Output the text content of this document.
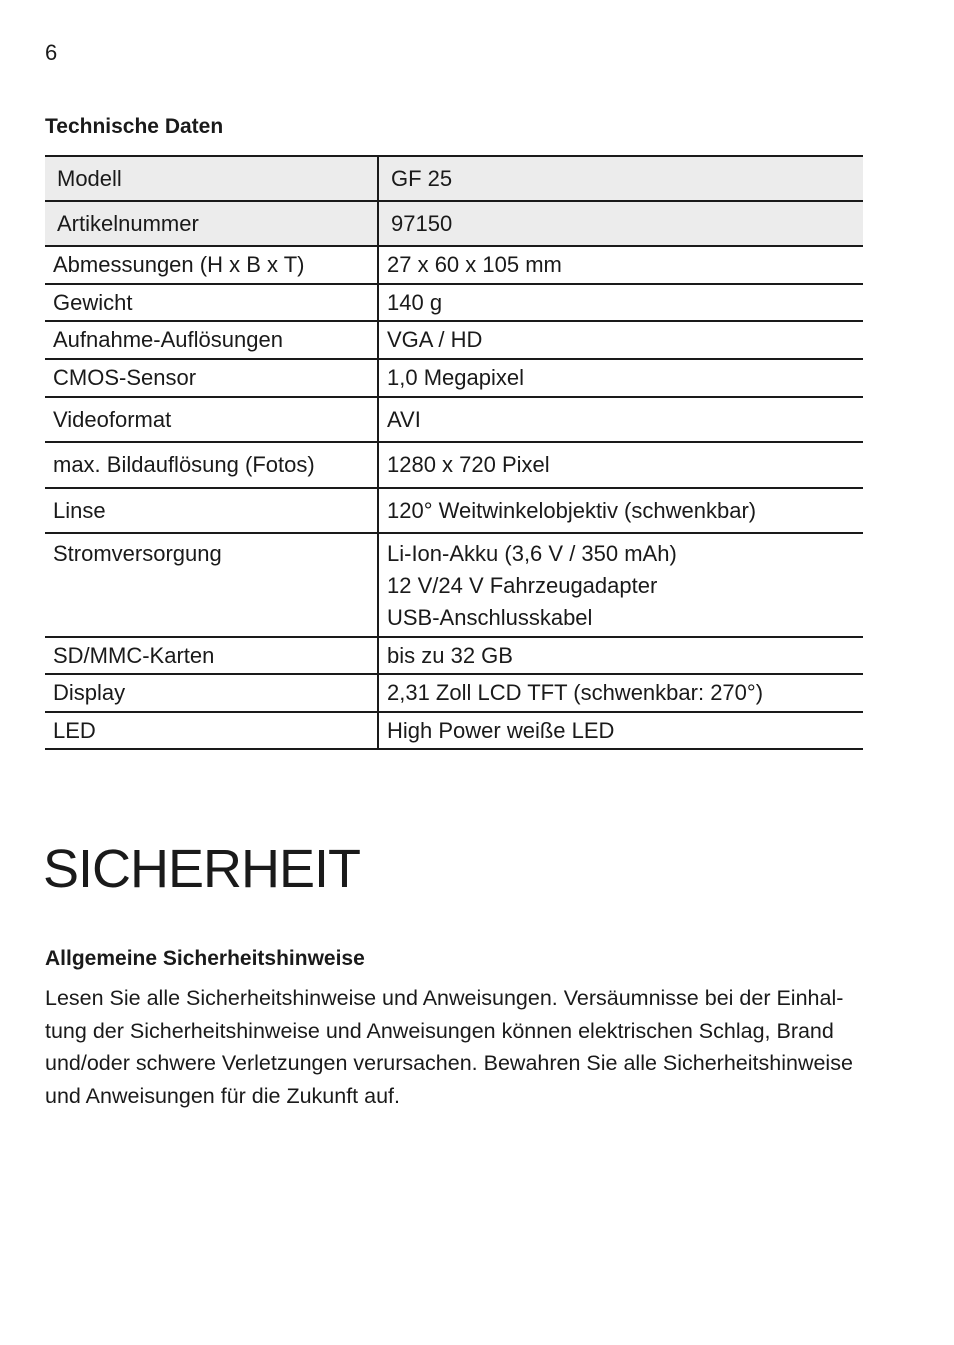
6
Technische Daten
Modell	GF 25
Artikelnummer	97150
Abmessungen (H x B x T)	27 x 60 x 105 mm
Gewicht	140 g
Aufnahme-Auflösungen	VGA / HD
CMOS-Sensor	1,0 Megapixel
Videoformat	AVI
max. Bildauflösung (Fotos)	1280 x 720 Pixel
Linse	120° Weitwinkelobjektiv (schwenkbar)
Stromversorgung	Li-Ion-Akku (3,6 V / 350 mAh)
12 V/24 V Fahrzeugadapter
USB-Anschlusskabel

SD/MMC-Karten	bis zu 32 GB
Display	2,31 Zoll LCD TFT (schwenkbar: 270°)
LED	High Power weiße LED
SICHERHEIT
Allgemeine Sicherheitshinweise
Lesen Sie alle Sicherheitshinweise und Anweisungen. Versäumnisse bei der Einhal-
tung der Sicherheitshinweise und Anweisungen können elektrischen Schlag, Brand
und/oder schwere Verletzungen verursachen. Bewahren Sie alle Sicherheitshinweise
und Anweisungen für die Zukunft auf.
